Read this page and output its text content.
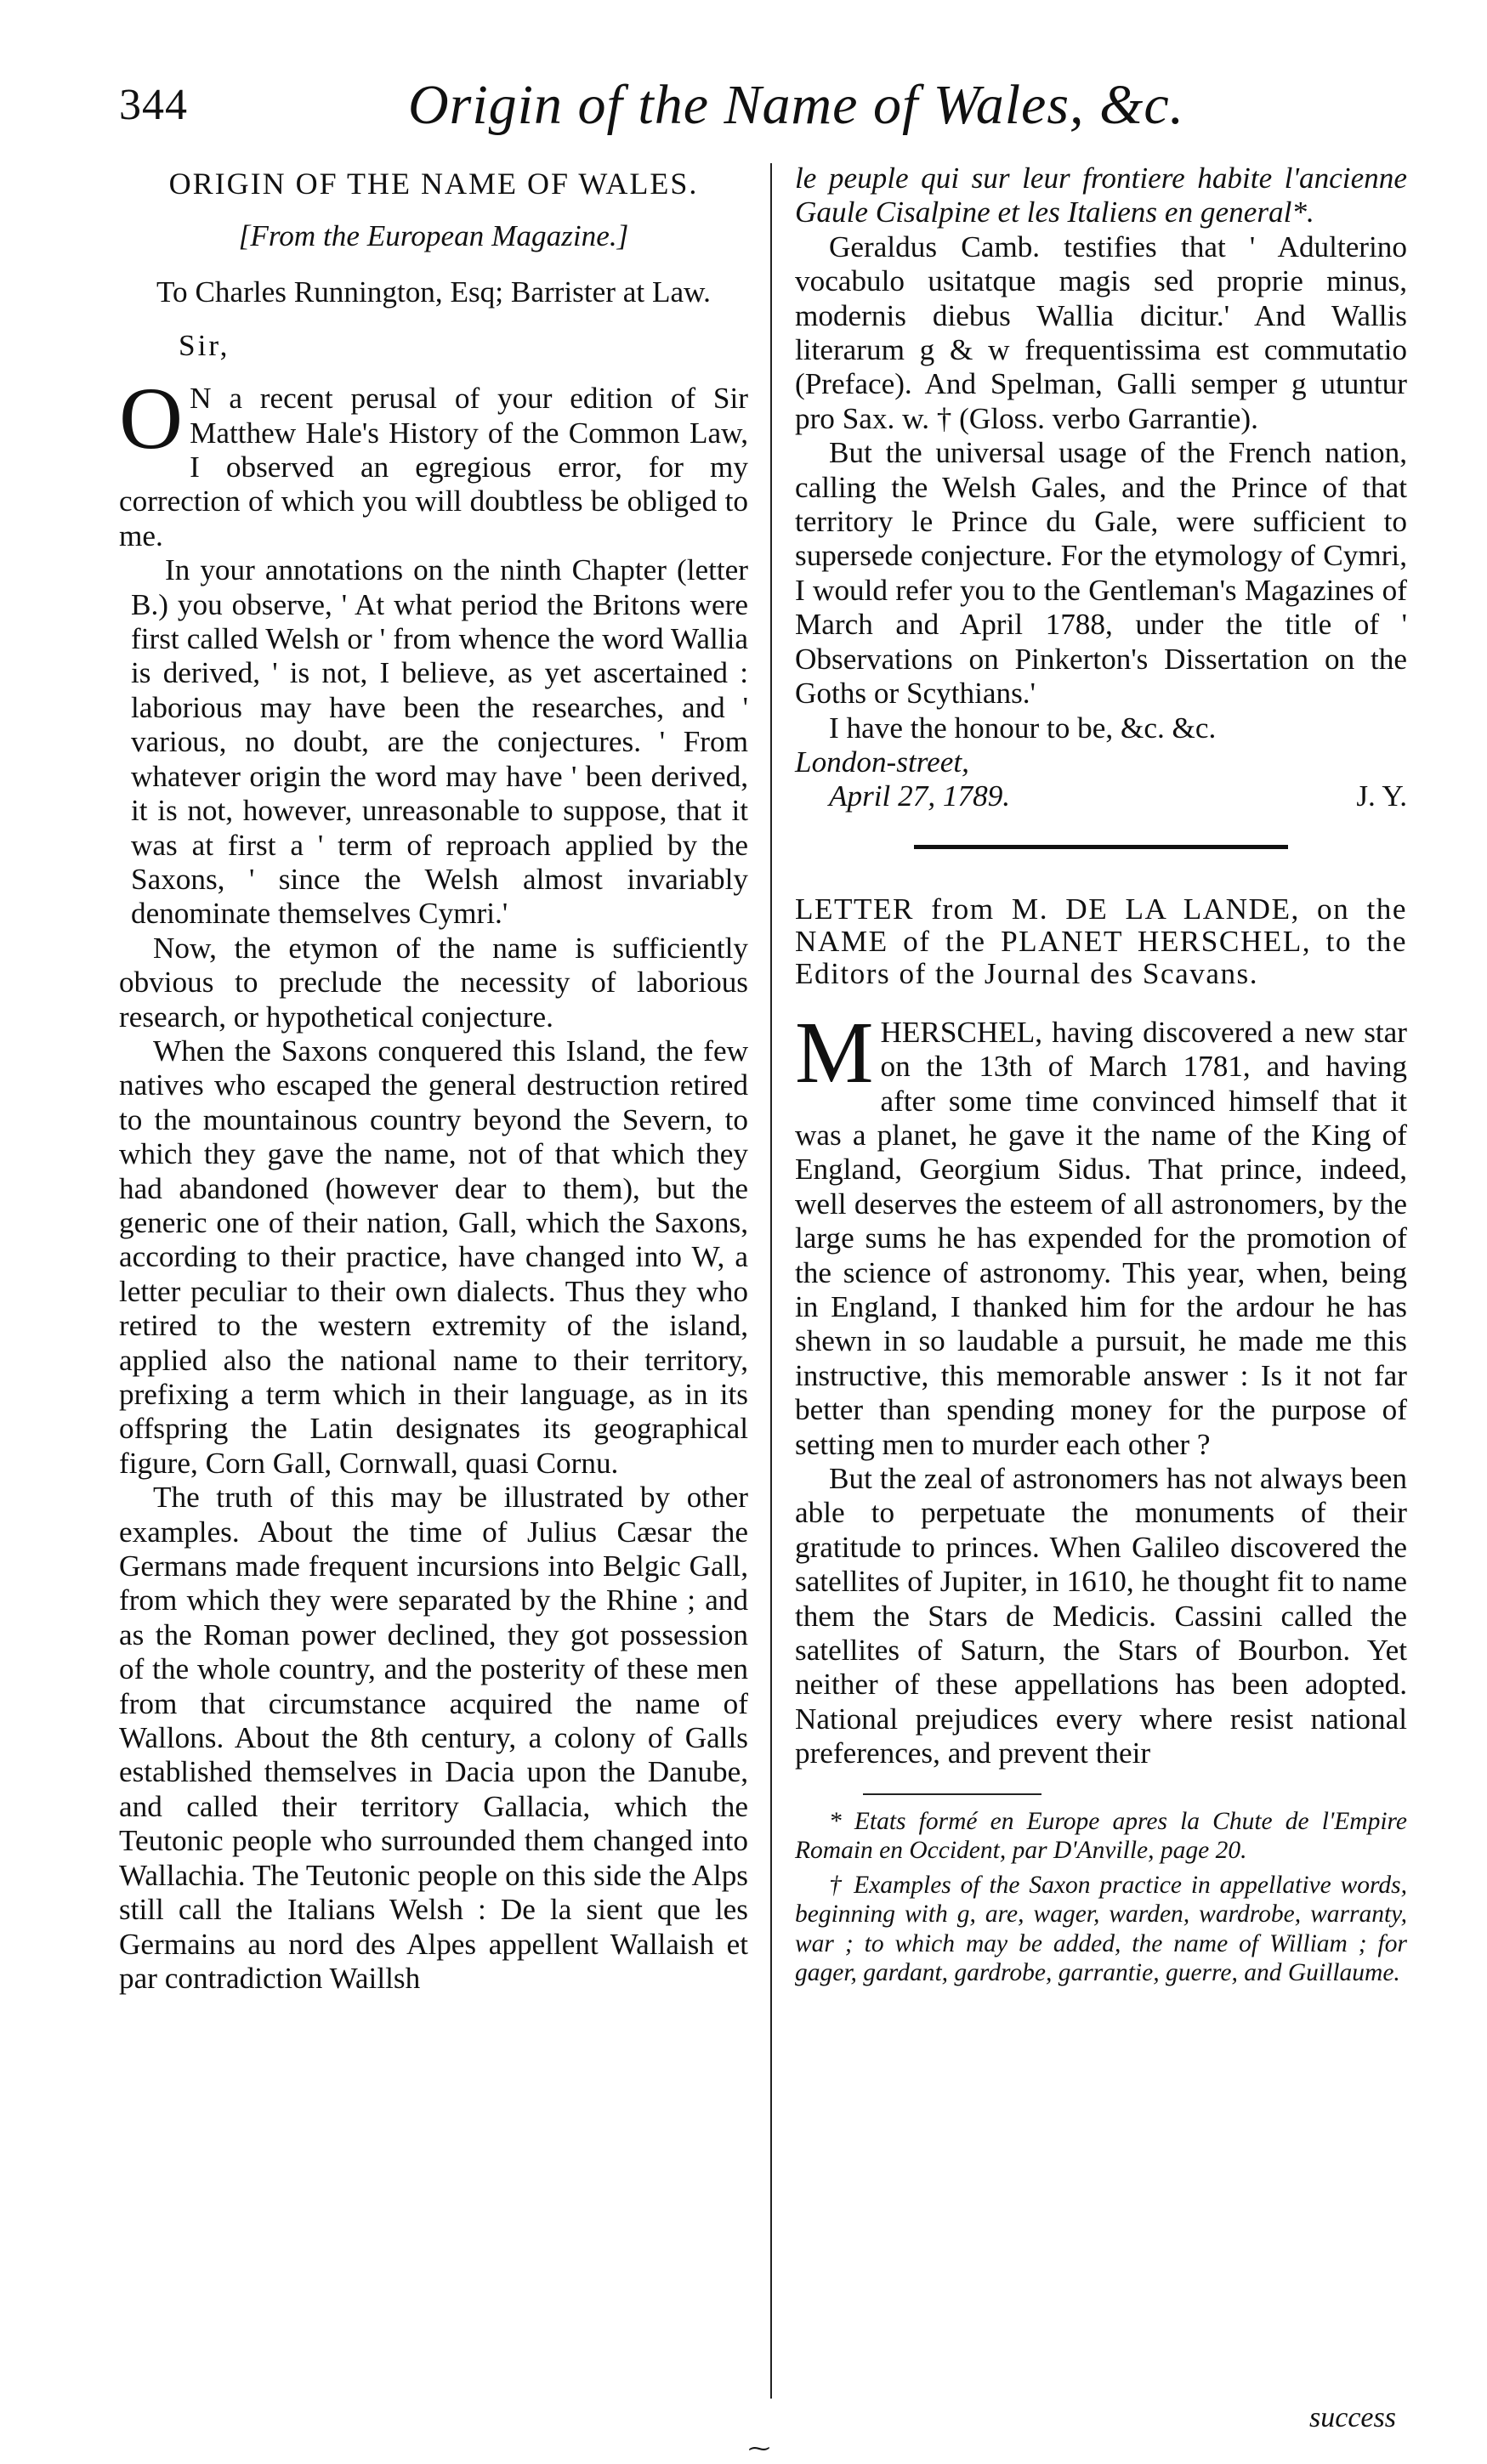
344	Origin of the Name of Wales, &c.
ORIGIN OF THE NAME OF WALES.
[From the European Magazine.]
To Charles Runnington, Esq; Barrister at Law.
Sir,

O N a recent perusal of your edition of Sir Matthew Hale's History of the Common Law, I observed an egregious error, for my correction of which you will doubtless be obliged to me.

In your annotations on the ninth Chapter (letter B.) you observe, ' At what period the Britons were first called Welsh or ' from whence the word Wallia is derived, ' is not, I believe, as yet ascertained : laborious may have been the researches, and ' various, no doubt, are the conjectures. ' From whatever origin the word may have ' been derived, it is not, however, unreasonable to suppose, that it was at first a ' term of reproach applied by the Saxons, ' since the Welsh almost invariably denominate themselves Cymri.'

Now, the etymon of the name is sufficiently obvious to preclude the necessity of laborious research, or hypothetical conjecture.

When the Saxons conquered this Island, the few natives who escaped the general destruction retired to the mountainous country beyond the Severn, to which they gave the name, not of that which they had abandoned (however dear to them), but the generic one of their nation, Gall, which the Saxons, according to their practice, have changed into W, a letter peculiar to their own dialects. Thus they who retired to the western extremity of the island, applied also the national name to their territory, prefixing a term which in their language, as in its offspring the Latin designates its geographical figure, Corn Gall, Cornwall, quasi Cornu.

The truth of this may be illustrated by other examples. About the time of Julius Cæsar the Germans made frequent incursions into Belgic Gall, from which they were separated by the Rhine ; and as the Roman power declined, they got possession of the whole country, and the posterity of these men from that circumstance acquired the name of Wallons. About the 8th century, a colony of Galls established themselves in Dacia upon the Danube, and called their territory Gallacia, which the Teutonic people who surrounded them changed into Wallachia. The Teutonic people on this side the Alps still call the Italians Welsh : De la sient que les Germains au nord des Alpes appellent Wallaish et par contradiction Waillsh

le peuple qui sur leur frontiere habite l'ancienne Gaule Cisalpine et les Italiens en general*.

Geraldus Camb. testifies that ' Adulterino vocabulo usitatque magis sed proprie minus, modernis diebus Wallia dicitur.' And Wallis literarum g & w frequentissima est commutatio (Preface). And Spelman, Galli semper g utuntur pro Sax. w. † (Gloss. verbo Garrantie).

But the universal usage of the French nation, calling the Welsh Gales, and the Prince of that territory le Prince du Gale, were sufficient to supersede conjecture. For the etymology of Cymri, I would refer you to the Gentleman's Magazines of March and April 1788, under the title of ' Observations on Pinkerton's Dissertation on the Goths or Scythians.'

I have the honour to be, &c. &c.

London-street,

April 27, 1789.	J. Y.

LETTER from M. DE LA LANDE, on the NAME of the PLANET HERSCHEL, to the Editors of the Journal des Scavans.

MHERSCHEL, having discovered a new star on the 13th of March 1781, and having after some time convinced himself that it was a planet, he gave it the name of the King of England, Georgium Sidus. That prince, indeed, well deserves the esteem of all astronomers, by the large sums he has expended for the promotion of the science of astronomy. This year, when, being in England, I thanked him for the ardour he has shewn in so laudable a pursuit, he made me this instructive, this memorable answer : Is it not far better than spending money for the purpose of setting men to murder each other ?

But the zeal of astronomers has not always been able to perpetuate the monuments of their gratitude to princes. When Galileo discovered the satellites of Jupiter, in 1610, he thought fit to name them the Stars de Medicis. Cassini called the satellites of Saturn, the Stars of Bourbon. Yet neither of these appellations has been adopted. National prejudices every where resist national preferences, and prevent their

* Etats formé en Europe apres la Chute de l'Empire Romain en Occident, par D'Anville, page 20.

† Examples of the Saxon practice in appellative words, beginning with g, are, wager, warden, wardrobe, warranty, war ; to which may be added, the name of William ; for gager, gardant, gardrobe, garrantie, guerre, and Guillaume.

success
⁓
